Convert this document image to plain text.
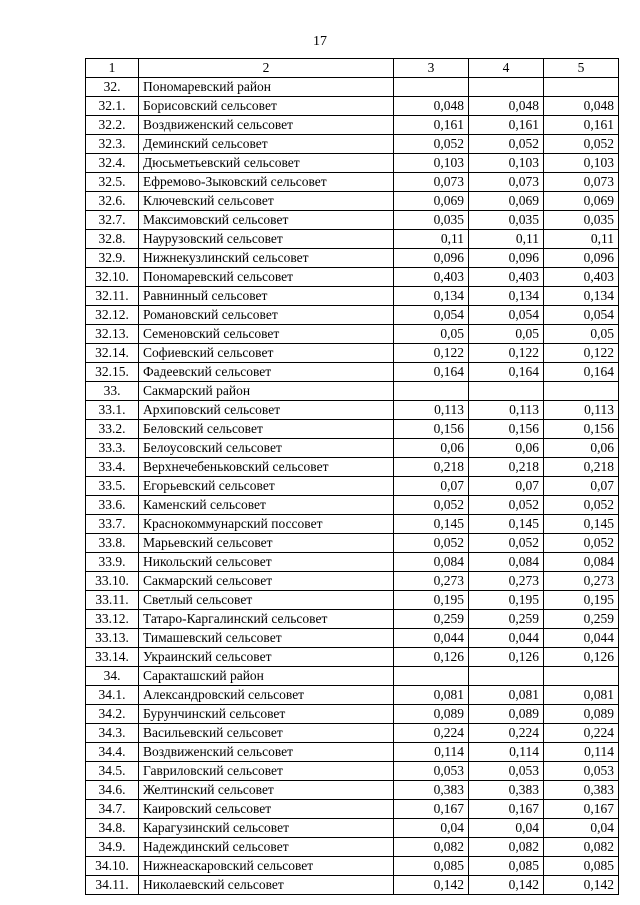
17
1	2	3	4	5
32.	Пономаревский район			
32.1.	Борисовский сельсовет	0,048	0,048	0,048
32.2.	Воздвиженский сельсовет	0,161	0,161	0,161
32.3.	Деминский сельсовет	0,052	0,052	0,052
32.4.	Дюсьметьевский сельсовет	0,103	0,103	0,103
32.5.	Ефремово-Зыковский сельсовет	0,073	0,073	0,073
32.6.	Ключевский сельсовет	0,069	0,069	0,069
32.7.	Максимовский сельсовет	0,035	0,035	0,035
32.8.	Наурузовский сельсовет	0,11	0,11	0,11
32.9.	Нижнекузлинский сельсовет	0,096	0,096	0,096
32.10.	Пономаревский сельсовет	0,403	0,403	0,403
32.11.	Равнинный сельсовет	0,134	0,134	0,134
32.12.	Романовский сельсовет	0,054	0,054	0,054
32.13.	Семеновский сельсовет	0,05	0,05	0,05
32.14.	Софиевский сельсовет	0,122	0,122	0,122
32.15.	Фадеевский сельсовет	0,164	0,164	0,164
33.	Сакмарский район			
33.1.	Архиповский сельсовет	0,113	0,113	0,113
33.2.	Беловский сельсовет	0,156	0,156	0,156
33.3.	Белоусовский сельсовет	0,06	0,06	0,06
33.4.	Верхнечебеньковский сельсовет	0,218	0,218	0,218
33.5.	Егорьевский сельсовет	0,07	0,07	0,07
33.6.	Каменский сельсовет	0,052	0,052	0,052
33.7.	Краснокоммунарский поссовет	0,145	0,145	0,145
33.8.	Марьевский сельсовет	0,052	0,052	0,052
33.9.	Никольский сельсовет	0,084	0,084	0,084
33.10.	Сакмарский сельсовет	0,273	0,273	0,273
33.11.	Светлый сельсовет	0,195	0,195	0,195
33.12.	Татаро-Каргалинский сельсовет	0,259	0,259	0,259
33.13.	Тимашевский сельсовет	0,044	0,044	0,044
33.14.	Украинский сельсовет	0,126	0,126	0,126
34.	Саракташский район			
34.1.	Александровский сельсовет	0,081	0,081	0,081
34.2.	Бурунчинский сельсовет	0,089	0,089	0,089
34.3.	Васильевский сельсовет	0,224	0,224	0,224
34.4.	Воздвиженский сельсовет	0,114	0,114	0,114
34.5.	Гавриловский сельсовет	0,053	0,053	0,053
34.6.	Желтинский сельсовет	0,383	0,383	0,383
34.7.	Каировский сельсовет	0,167	0,167	0,167
34.8.	Карагузинский сельсовет	0,04	0,04	0,04
34.9.	Надеждинский сельсовет	0,082	0,082	0,082
34.10.	Нижнеаскаровский сельсовет	0,085	0,085	0,085
34.11.	Николаевский сельсовет	0,142	0,142	0,142
